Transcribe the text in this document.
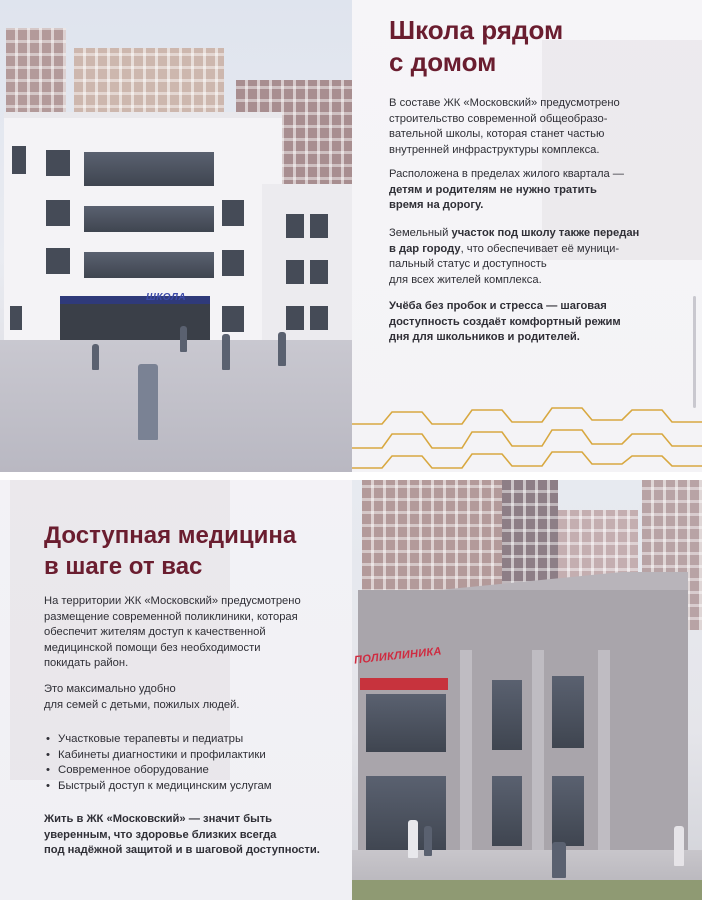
ШКОЛА
Школа рядом
с домом
В составе ЖК «Московский» предусмотрено
строительство современной общеобразо-
вательной школы, которая станет частью
внутренней инфраструктуры комплекса.
Расположена в пределах жилого квартала —
детям и родителям не нужно тратить
время на дорогу.
Земельный участок под школу также передан
в дар городу, что обеспечивает её муници-
пальный статус и доступность
для всех жителей комплекса.
Учёба без пробок и стресса — шаговая
доступность создаёт комфортный режим
дня для школьников и родителей.
ПОЛИКЛИНИКА
Доступная медицина
в шаге от вас
На территории ЖК «Московский» предусмотрено
размещение современной поликлиники, которая
обеспечит жителям доступ к качественной
медицинской помощи без необходимости
покидать район.
Это максимально удобно
для семей с детьми, пожилых людей.
• Участковые терапевты и педиатры
• Кабинеты диагностики и профилактики
• Современное оборудование
• Быстрый доступ к медицинским услугам
Жить в ЖК «Московский» — значит быть
уверенным, что здоровье близких всегда
под надёжной защитой и в шаговой доступности.
